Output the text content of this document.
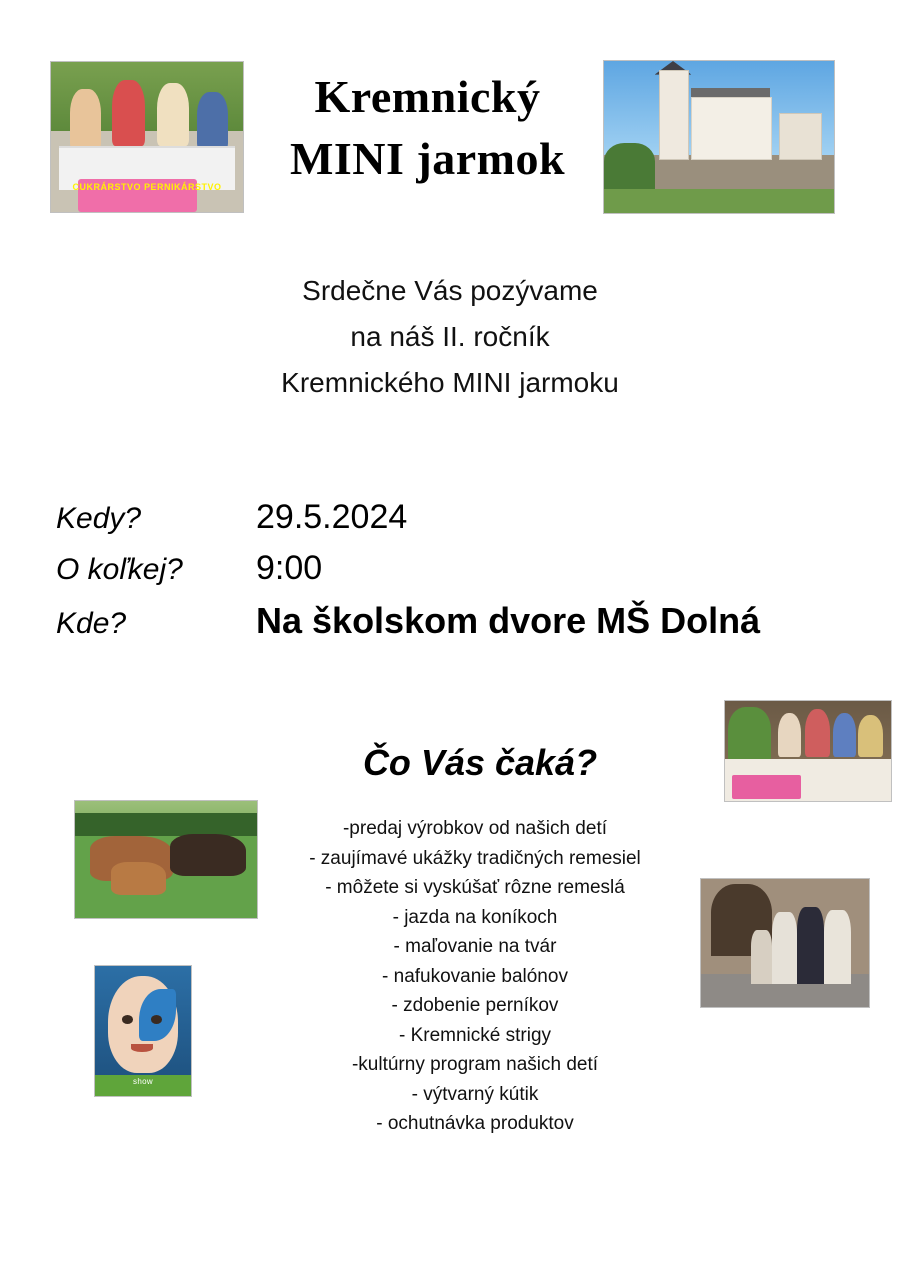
CUKRÁRSTVO PERNIKÁRSTVO
Kremnický
MINI jarmok
Srdečne Vás pozývame
na náš II. ročník
Kremnického MINI jarmoku
Kedy?	29.5.2024
O koľkej?	9:00
Kde?	Na školskom dvore MŠ Dolná
Čo Vás čaká?
-predaj výrobkov od našich detí
- zaujímavé ukážky tradičných remesiel
- môžete si vyskúšať rôzne remeslá
- jazda na koníkoch
- maľovanie na tvár
- nafukovanie balónov
- zdobenie perníkov
- Kremnické strigy
-kultúrny program našich detí
- výtvarný kútik
- ochutnávka produktov
show
